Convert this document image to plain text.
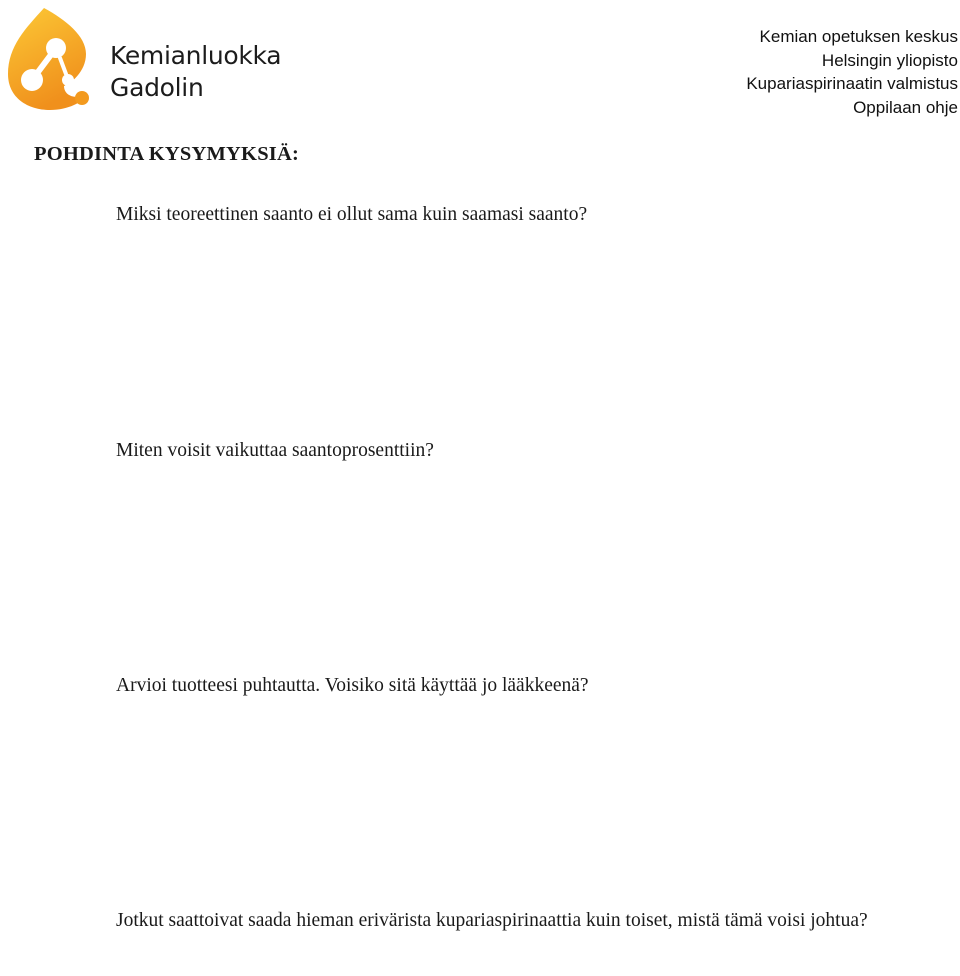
Kemianluokka
Gadolin
Kemian opetuksen keskus
Helsingin yliopisto
Kupariaspirinaatin valmistus
Oppilaan ohje
POHDINTA KYSYMYKSIÄ:

Miksi teoreettinen saanto ei ollut sama kuin saamasi saanto?

Miten voisit vaikuttaa saantoprosenttiin?

Arvioi tuotteesi puhtautta. Voisiko sitä käyttää jo lääkkeenä?

Jotkut saattoivat saada hieman erivärista kupariaspirinaattia kuin toiset, mistä tämä voisi johtua?
